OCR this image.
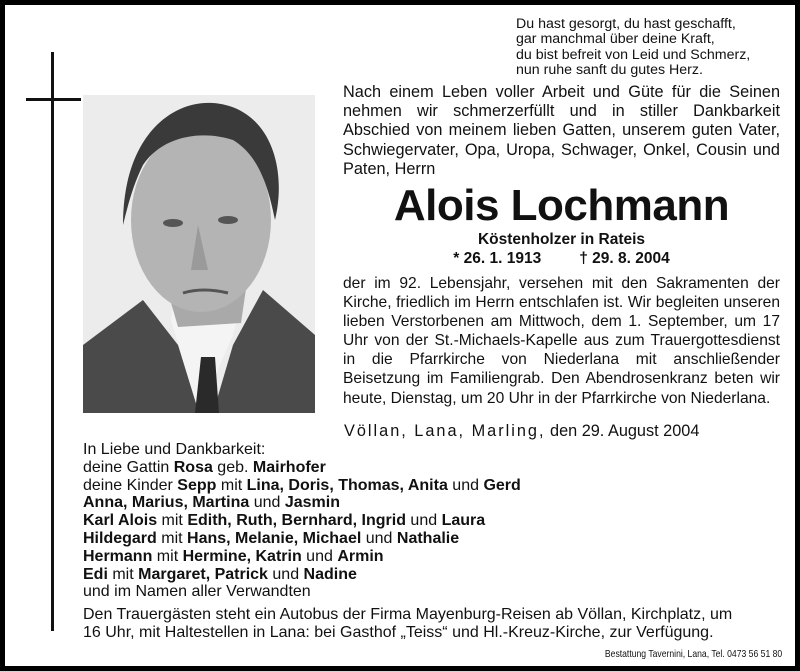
Du hast gesorgt, du hast geschafft,
gar manchmal über deine Kraft,
du bist befreit von Leid und Schmerz,
nun ruhe sanft du gutes Herz.
Nach einem Leben voller Arbeit und Güte für die Seinen nehmen wir schmerzerfüllt und in stiller Dankbarkeit Abschied von meinem lieben Gatten, unserem guten Vater, Schwiegervater, Opa, Uropa, Schwager, Onkel, Cousin und Paten, Herrn
Alois Lochmann
Köstenholzer in Rateis
* 26. 1. 1913 † 29. 8. 2004
der im 92. Lebensjahr, versehen mit den Sakramenten der Kirche, friedlich im Herrn entschlafen ist. Wir begleiten unseren lieben Verstorbenen am Mittwoch, dem 1. September, um 17 Uhr von der St.-Michaels-Kapelle aus zum Trauergottesdienst in die Pfarrkirche von Niederlana mit anschließender Beisetzung im Familiengrab. Den Abendrosenkranz beten wir heute, Dienstag, um 20 Uhr in der Pfarrkirche von Niederlana.
Völlan, Lana, Marling, den 29. August 2004
In Liebe und Dankbarkeit:
deine Gattin Rosa geb. Mairhofer
deine Kinder Sepp mit Lina, Doris, Thomas, Anita und Gerd
Anna, Marius, Martina und Jasmin
Karl Alois mit Edith, Ruth, Bernhard, Ingrid und Laura
Hildegard mit Hans, Melanie, Michael und Nathalie
Hermann mit Hermine, Katrin und Armin
Edi mit Margaret, Patrick und Nadine
und im Namen aller Verwandten
Den Trauergästen steht ein Autobus der Firma Mayenburg-Reisen ab Völlan, Kirchplatz, um
16 Uhr, mit Haltestellen in Lana: bei Gasthof „Teiss“ und Hl.-Kreuz-Kirche, zur Verfügung.
Bestattung Tavernini, Lana, Tel. 0473 56 51 80
